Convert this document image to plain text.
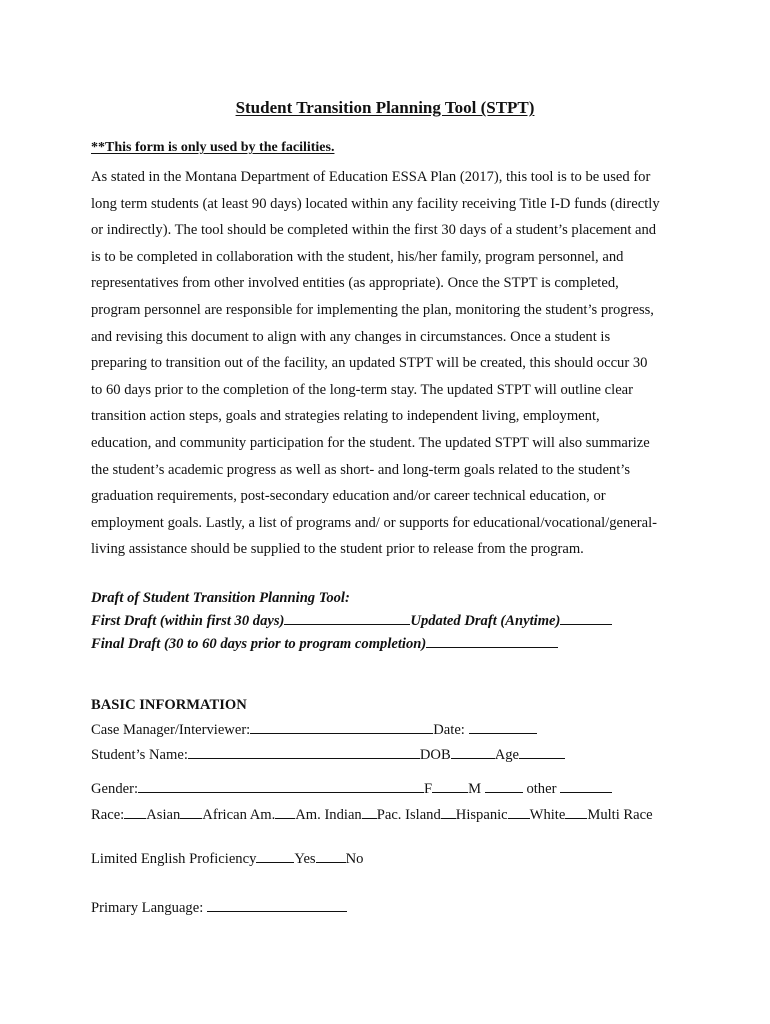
Student Transition Planning Tool (STPT)
**This form is only used by the facilities.
As stated in the Montana Department of Education ESSA Plan (2017), this tool is to be used for
long term students (at least 90 days) located within any facility receiving Title I-D funds (directly
or indirectly). The tool should be completed within the first 30 days of a student’s placement and
is to be completed in collaboration with the student, his/her family, program personnel, and
representatives from other involved entities (as appropriate). Once the STPT is completed,
program personnel are responsible for implementing the plan, monitoring the student’s progress,
and revising this document to align with any changes in circumstances. Once a student is
preparing to transition out of the facility, an updated STPT will be created, this should occur 30
to 60 days prior to the completion of the long-term stay. The updated STPT will outline clear
transition action steps, goals and strategies relating to independent living, employment,
education, and community participation for the student. The updated STPT will also summarize
the student’s academic progress as well as short- and long-term goals related to the student’s
graduation requirements, post-secondary education and/or career technical education, or
employment goals. Lastly, a list of programs and/ or supports for educational/vocational/general-
living assistance should be supplied to the student prior to release from the program.
Draft of Student Transition Planning Tool:
First Draft (within first 30 days)	Updated Draft (Anytime)
Final Draft (30 to 60 days prior to program completion)
BASIC INFORMATION
Case Manager/Interviewer:	Date:
Student’s Name:	DOB	Age
Gender:	F M	other
Race: Asian African Am. Am. Indian Pac. Island Hispanic White Multi Race
Limited English Proficiency	Yes No
Primary Language:
